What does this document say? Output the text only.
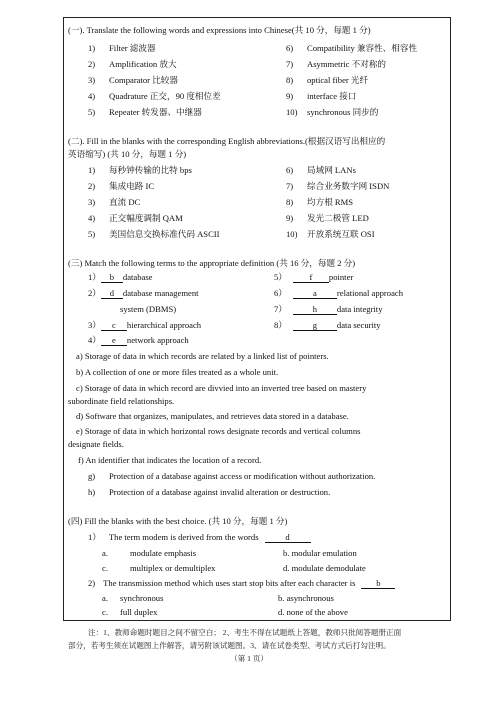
(一). Translate the following words and expressions into Chinese(共 10 分，每题 1 分)
1) Filter 滤波器
2) Amplification 放大
3) Comparator 比较器
4) Quadrature 正交，90 度相位差
5) Repeater 转发器、中继器
6) Compatibility 兼容性、相容性
7) Asymmetric 不对称的
8) optical fiber 光纤
9) interface 接口
10) synchronous 同步的
(二). Fill in the blanks with the corresponding English abbreviations.(根据汉语写出相应的
英语缩写) (共 10 分，每题 1 分)
1) 每秒钟传输的比特 bps
2) 集成电路 IC
3) 直流 DC
4) 正交幅度调制 QAM
5) 美国信息交换标准代码 ASCII
6) 局域网 LANs
7) 综合业务数字网 ISDN
8) 均方根 RMS
9) 发光二极管 LED
10) 开放系统互联 OSI
(三) Match the following terms to the appropriate definition (共 16 分，每题 2 分)
1） b database
2） d database management
system (DBMS)
3） c hierarchical approach
4） e network approach
5）	f pointer
6）	a relational approach
7）	h data integrity
8）	g data security
a) Storage of data in which records are related by a linked list of pointers.
b) A collection of one or more files treated as a whole unit.
c) Storage of data in which record are divvied into an inverted tree based on mastery
subordinate field relationships.
d) Software that organizes, manipulates, and retrieves data stored in a database.
e) Storage of data in which horizontal rows designate records and vertical columns
designate fields.
f) An identifier that indicates the location of a record.
g) Protection of a database against access or modification without authorization.
h) Protection of a database against invalid alteration or destruction.
(四) Fill the blanks with the best choice. (共 10 分，每题 1 分)
1） The term modem is derived from the words	d
a.	modulate emphasis	b. modular emulation
c.	multiplex or demultiplex	d. modulate demodulate
2) The transmission method which uses start stop bits after each character is b
a. synchronous	b. asynchronous
c. full duplex	d. none of the above
注：1、教师命题时题目之间不留空白； 2、考生不得在试题纸上答题，教师只批阅答题册正面
部分，若考生须在试题图上作解答，请另附该试题图。3、请在试卷类型、考试方式后打勾注明。
（第 1 页）
